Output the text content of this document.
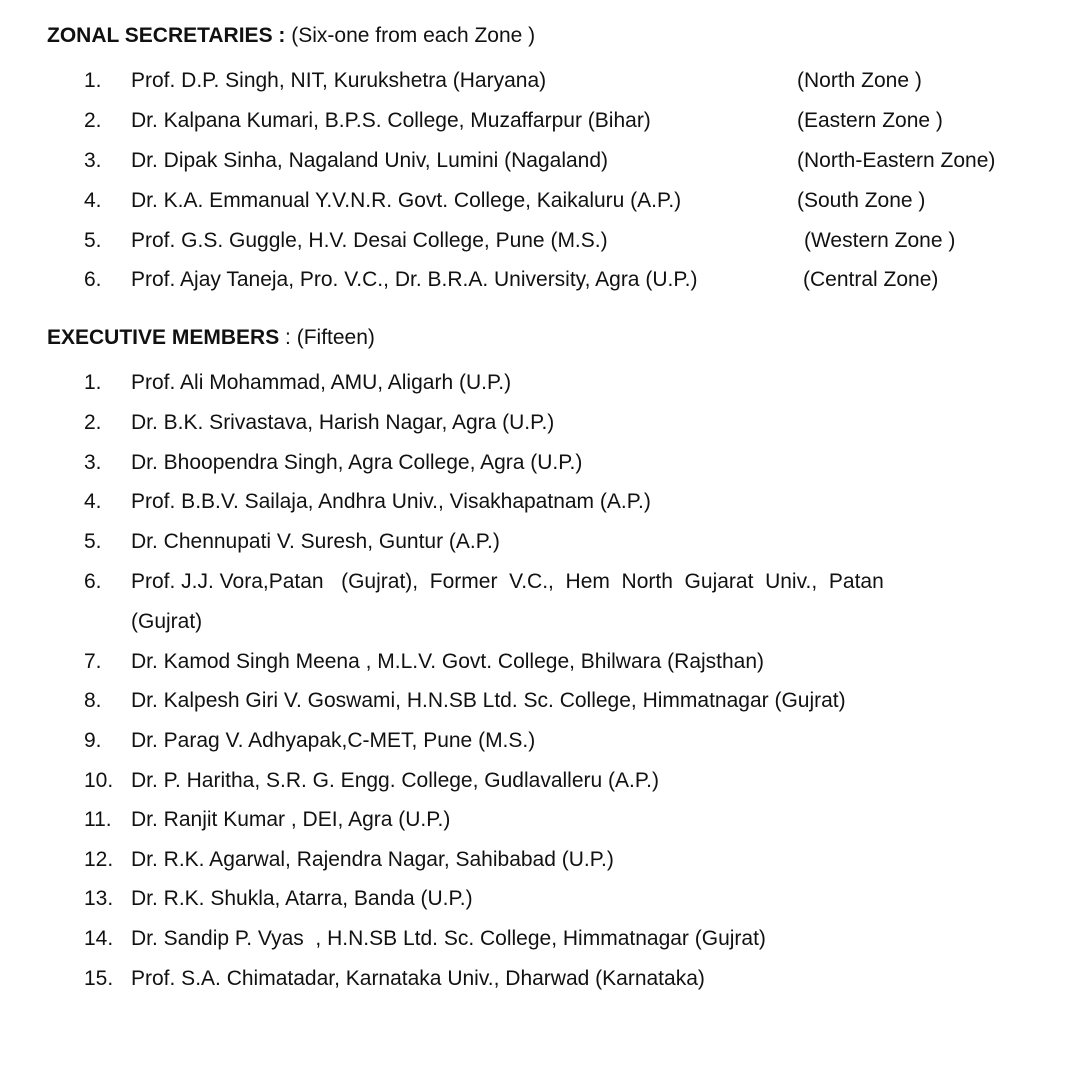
ZONAL SECRETARIES : (Six-one from each Zone )
1. Prof. D.P. Singh, NIT, Kurukshetra (Haryana)	(North Zone )
2. Dr. Kalpana Kumari, B.P.S. College, Muzaffarpur (Bihar)	(Eastern Zone )
3. Dr. Dipak Sinha, Nagaland Univ, Lumini (Nagaland)	(North-Eastern Zone)
4. Dr. K.A. Emmanual Y.V.N.R. Govt. College, Kaikaluru (A.P.)	(South Zone )
5. Prof. G.S. Guggle, H.V. Desai College, Pune (M.S.)	(Western Zone )
6. Prof. Ajay Taneja, Pro. V.C., Dr. B.R.A. University, Agra (U.P.)	(Central Zone)
EXECUTIVE MEMBERS : (Fifteen)
1. Prof. Ali Mohammad, AMU, Aligarh (U.P.)
2. Dr. B.K. Srivastava, Harish Nagar, Agra (U.P.)
3. Dr. Bhoopendra Singh, Agra College, Agra (U.P.)
4. Prof. B.B.V. Sailaja, Andhra Univ., Visakhapatnam (A.P.)
5. Dr. Chennupati V. Suresh, Guntur (A.P.)
6. Prof. J.J. Vora,Patan   (Gujrat),  Former  V.C.,  Hem  North  Gujarat  Univ.,  Patan
(Gujrat)
7. Dr. Kamod Singh Meena , M.L.V. Govt. College, Bhilwara (Rajsthan)
8. Dr. Kalpesh Giri V. Goswami, H.N.SB Ltd. Sc. College, Himmatnagar (Gujrat)
9. Dr. Parag V. Adhyapak,C-MET, Pune (M.S.)
10. Dr. P. Haritha, S.R. G. Engg. College, Gudlavalleru (A.P.)
11. Dr. Ranjit Kumar , DEI, Agra (U.P.)
12. Dr. R.K. Agarwal, Rajendra Nagar, Sahibabad (U.P.)
13. Dr. R.K. Shukla, Atarra, Banda (U.P.)
14. Dr. Sandip P. Vyas  , H.N.SB Ltd. Sc. College, Himmatnagar (Gujrat)
15. Prof. S.A. Chimatadar, Karnataka Univ., Dharwad (Karnataka)
